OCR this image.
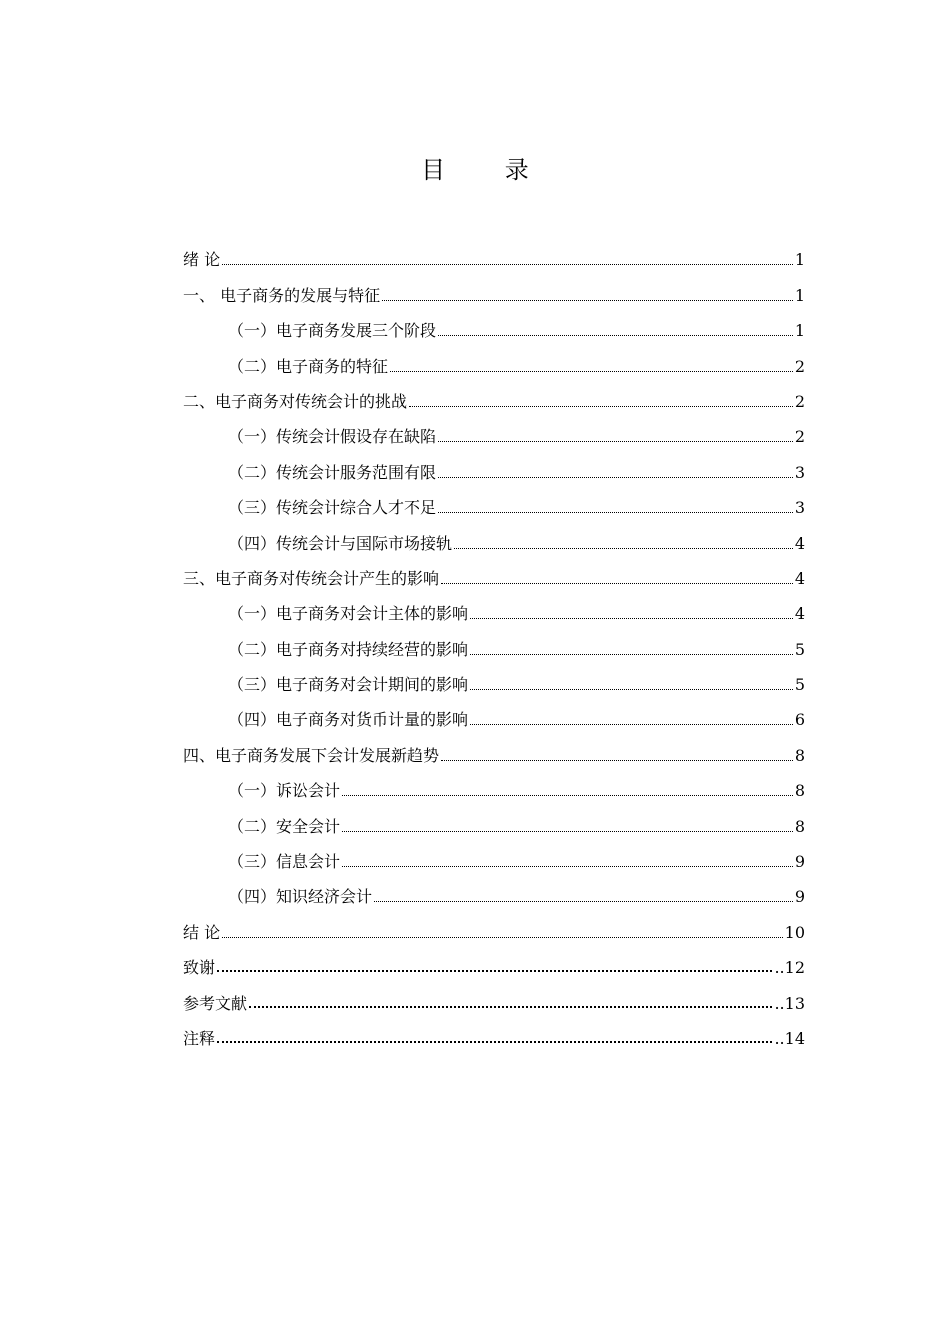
目 录
绪 论	1
一、 电子商务的发展与特征	1
（一）电子商务发展三个阶段	1
（二）电子商务的特征	2
二、电子商务对传统会计的挑战	2
（一）传统会计假设存在缺陷	2
（二）传统会计服务范围有限	3
（三）传统会计综合人才不足	3
（四）传统会计与国际市场接轨	4
三、电子商务对传统会计产生的影响	4
（一）电子商务对会计主体的影响	4
（二）电子商务对持续经营的影响	5
（三）电子商务对会计期间的影响	5
（四）电子商务对货币计量的影响	6
四、电子商务发展下会计发展新趋势	8
（一）诉讼会计	8
（二）安全会计	8
（三）信息会计	9
（四）知识经济会计	9
结 论	10
致谢	..12
参考文献	..13
注释	..14
